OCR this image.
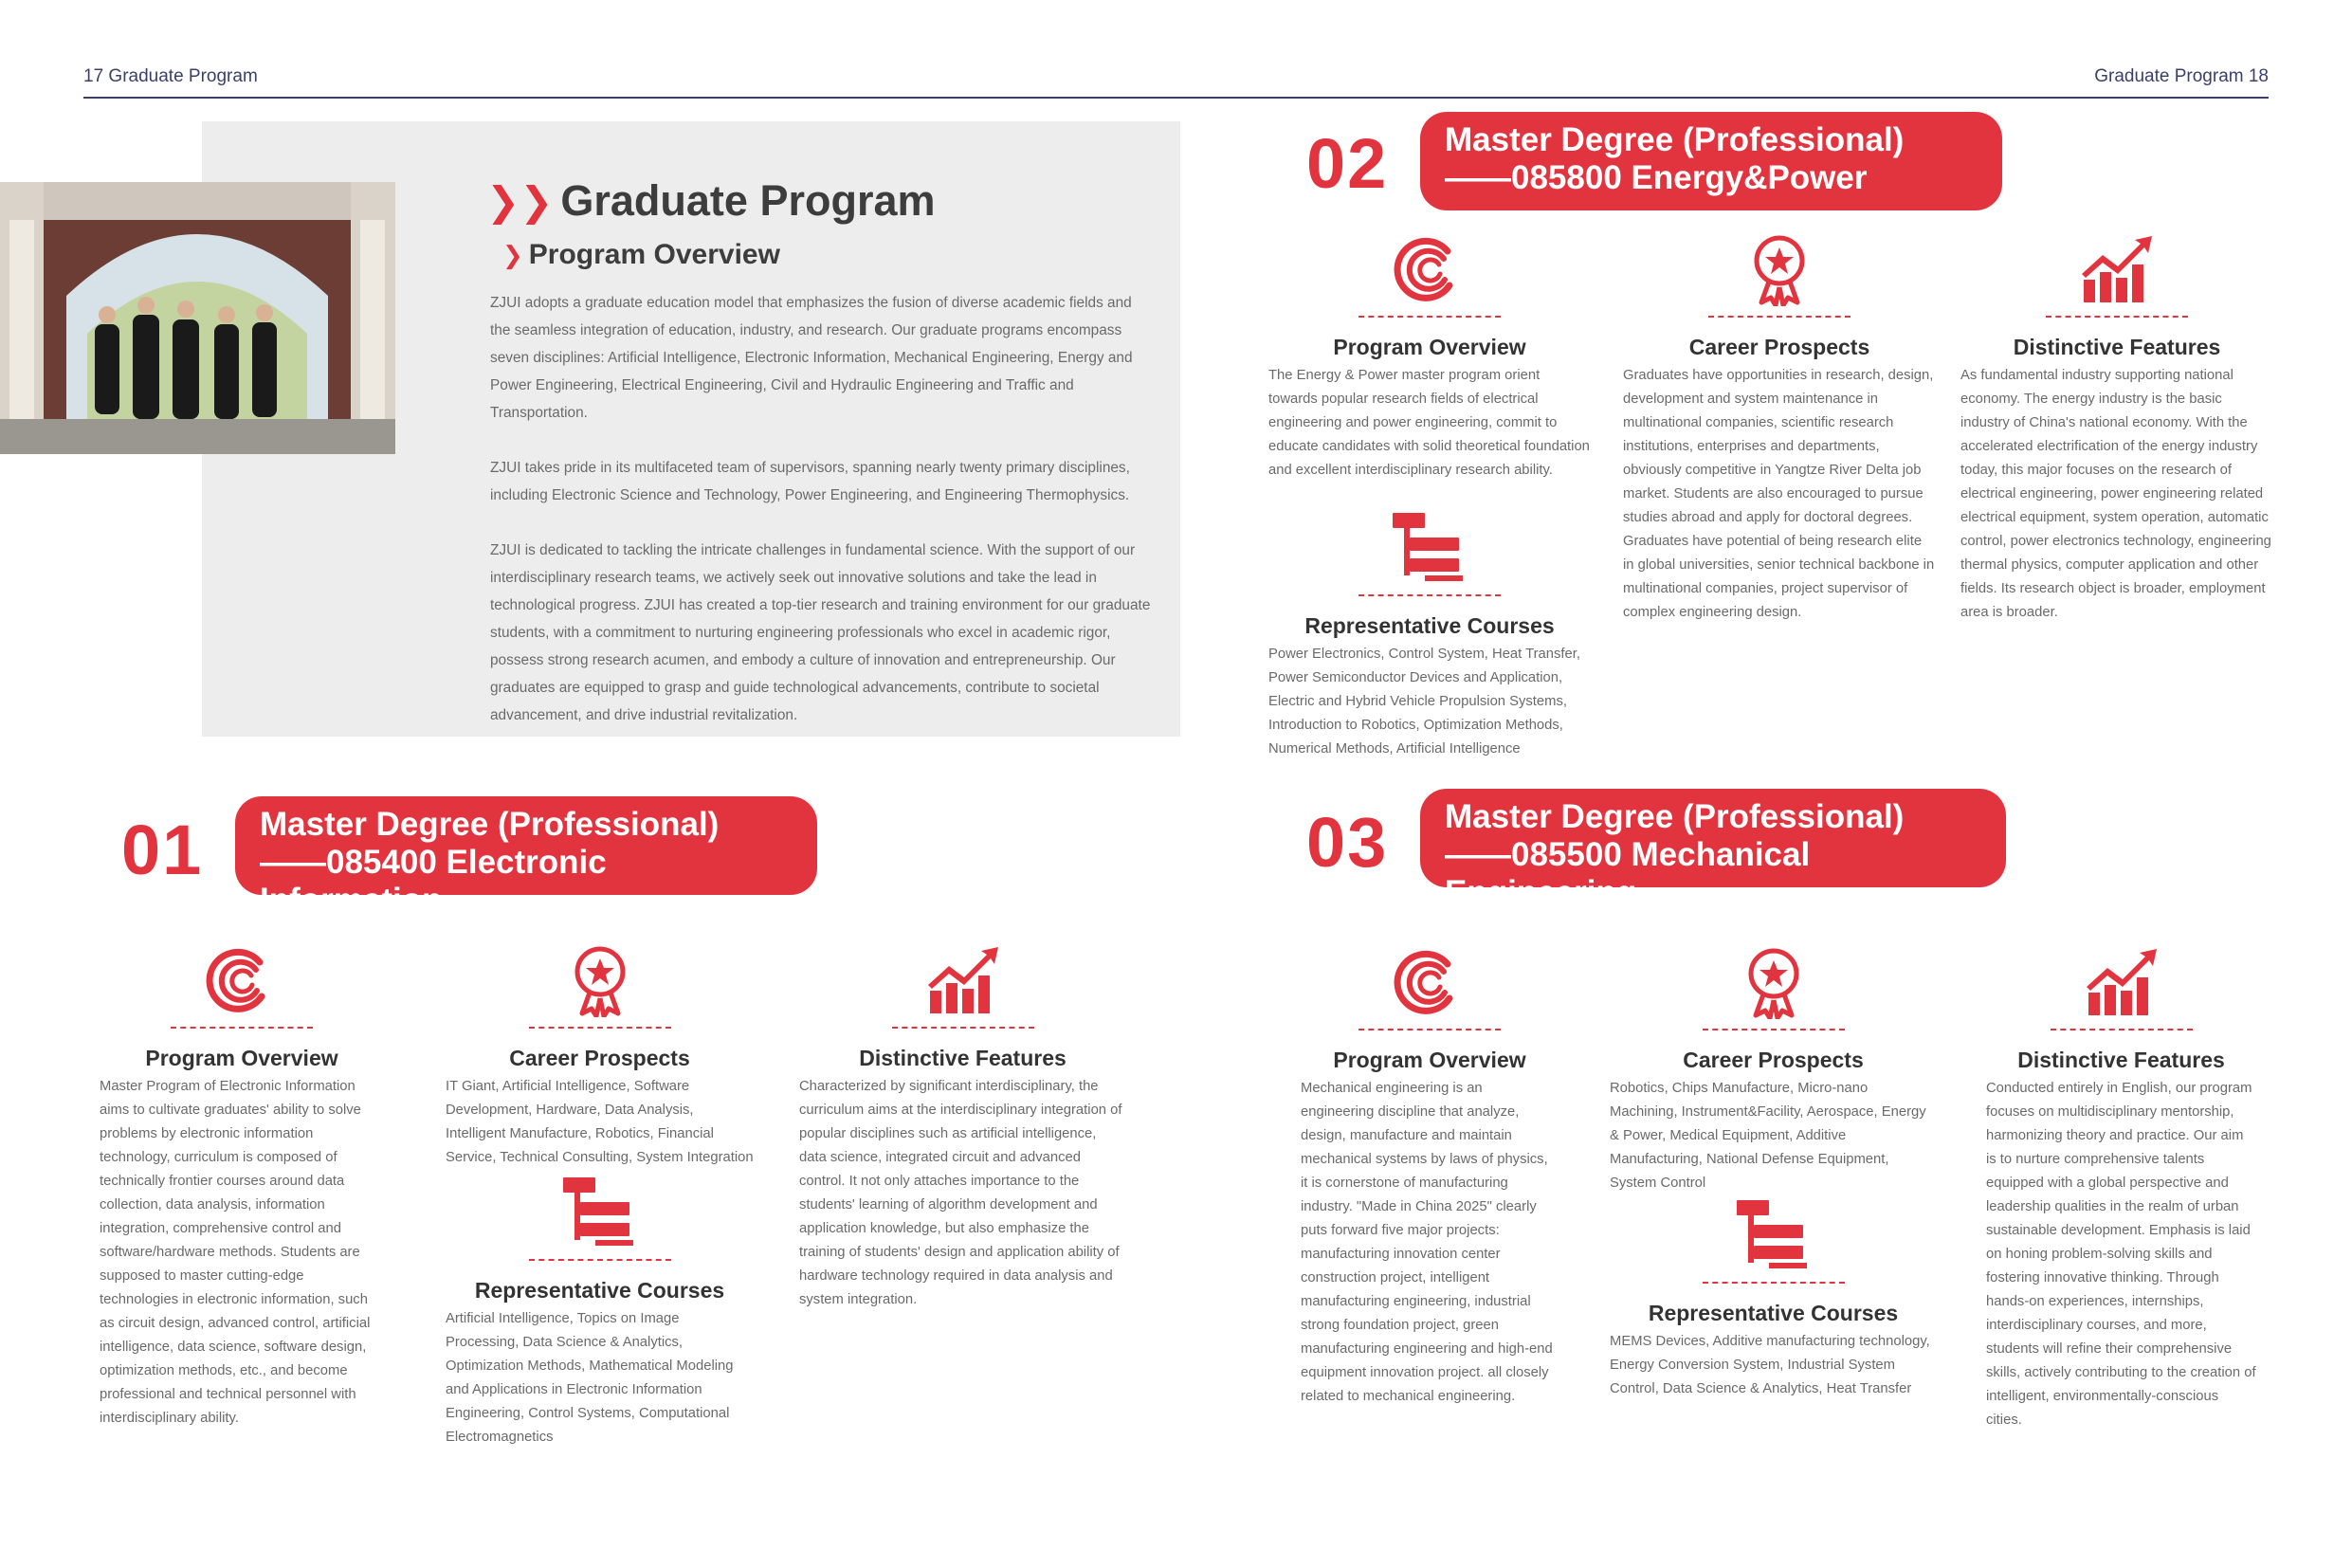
17 Graduate Program	Graduate Program 18
❯❯ Graduate Program
❯ Program Overview

ZJUI adopts a graduate education model that emphasizes the fusion of diverse academic fields and the seamless integration of education, industry, and research. Our graduate programs encompass seven disciplines: Artificial Intelligence, Electronic Information, Mechanical Engineering, Energy and Power Engineering, Electrical Engineering, Civil and Hydraulic Engineering and Traffic and Transportation.

ZJUI takes pride in its multifaceted team of supervisors, spanning nearly twenty primary disciplines, including Electronic Science and Technology, Power Engineering, and Engineering Thermophysics.

ZJUI is dedicated to tackling the intricate challenges in fundamental science. With the support of our interdisciplinary research teams, we actively seek out innovative solutions and take the lead in technological progress. ZJUI has created a top-tier research and training environment for our graduate students, with a commitment to nurturing engineering professionals who excel in academic rigor, possess strong research acumen, and embody a culture of innovation and entrepreneurship. Our graduates are equipped to grasp and guide technological advancements, contribute to societal advancement, and drive industrial revitalization.

02 Master Degree (Professional)
——085800 Energy&Power
Program Overview
The Energy & Power master program orient towards popular research fields of electrical engineering and power engineering, commit to educate candidates with solid theoretical foundation and excellent interdisciplinary research ability.
Representative Courses
Power Electronics, Control System, Heat Transfer, Power Semiconductor Devices and Application, Electric and Hybrid Vehicle Propulsion Systems, Introduction to Robotics, Optimization Methods, Numerical Methods, Artificial Intelligence
Career Prospects
Graduates have opportunities in research, design, development and system maintenance in multinational companies, scientific research institutions, enterprises and departments, obviously competitive in Yangtze River Delta job market. Students are also encouraged to pursue studies abroad and apply for doctoral degrees. Graduates have potential of being research elite in global universities, senior technical backbone in multinational companies, project supervisor of complex engineering design.
Distinctive Features
As fundamental industry supporting national economy. The energy industry is the basic industry of China's national economy. With the accelerated electrification of the energy industry today, this major focuses on the research of electrical engineering, power engineering related electrical equipment, system operation, automatic control, power electronics technology, engineering thermal physics, computer application and other fields. Its research object is broader, employment area is broader.
01 Master Degree (Professional)
——085400 Electronic Information
Program Overview
Master Program of Electronic Information aims to cultivate graduates' ability to solve problems by electronic information technology, curriculum is composed of technically frontier courses around data collection, data analysis, information integration, comprehensive control and software/hardware methods. Students are supposed to master cutting-edge technologies in electronic information, such as circuit design, advanced control, artificial intelligence, data science, software design, optimization methods, etc., and become professional and technical personnel with interdisciplinary ability.
Career Prospects
IT Giant, Artificial Intelligence, Software Development, Hardware, Data Analysis, Intelligent Manufacture, Robotics, Financial Service, Technical Consulting, System Integration
Representative Courses
Artificial Intelligence, Topics on Image Processing, Data Science & Analytics, Optimization Methods, Mathematical Modeling and Applications in Electronic Information Engineering, Control Systems, Computational Electromagnetics
Distinctive Features
Characterized by significant interdisciplinary, the curriculum aims at the interdisciplinary integration of popular disciplines such as artificial intelligence, data science, integrated circuit and advanced control. It not only attaches importance to the students' learning of algorithm development and application knowledge, but also emphasize the training of students' design and application ability of hardware technology required in data analysis and system integration.
03 Master Degree (Professional)
——085500 Mechanical Engineering
Program Overview
Mechanical engineering is an engineering discipline that analyze, design, manufacture and maintain mechanical systems by laws of physics, it is cornerstone of manufacturing industry. "Made in China 2025" clearly puts forward five major projects: manufacturing innovation center construction project, intelligent manufacturing engineering, industrial strong foundation project, green manufacturing engineering and high-end equipment innovation project. all closely related to mechanical engineering.
Career Prospects
Robotics, Chips Manufacture, Micro-nano Machining, Instrument&Facility, Aerospace, Energy & Power, Medical Equipment, Additive Manufacturing, National Defense Equipment, System Control
Representative Courses
MEMS Devices, Additive manufacturing technology, Energy Conversion System, Industrial System Control, Data Science & Analytics, Heat Transfer
Distinctive Features
Conducted entirely in English, our program focuses on multidisciplinary mentorship, harmonizing theory and practice. Our aim is to nurture comprehensive talents equipped with a global perspective and leadership qualities in the realm of urban sustainable development. Emphasis is laid on honing problem-solving skills and fostering innovative thinking. Through hands-on experiences, internships, interdisciplinary courses, and more, students will refine their comprehensive skills, actively contributing to the creation of intelligent, environmentally-conscious cities.
